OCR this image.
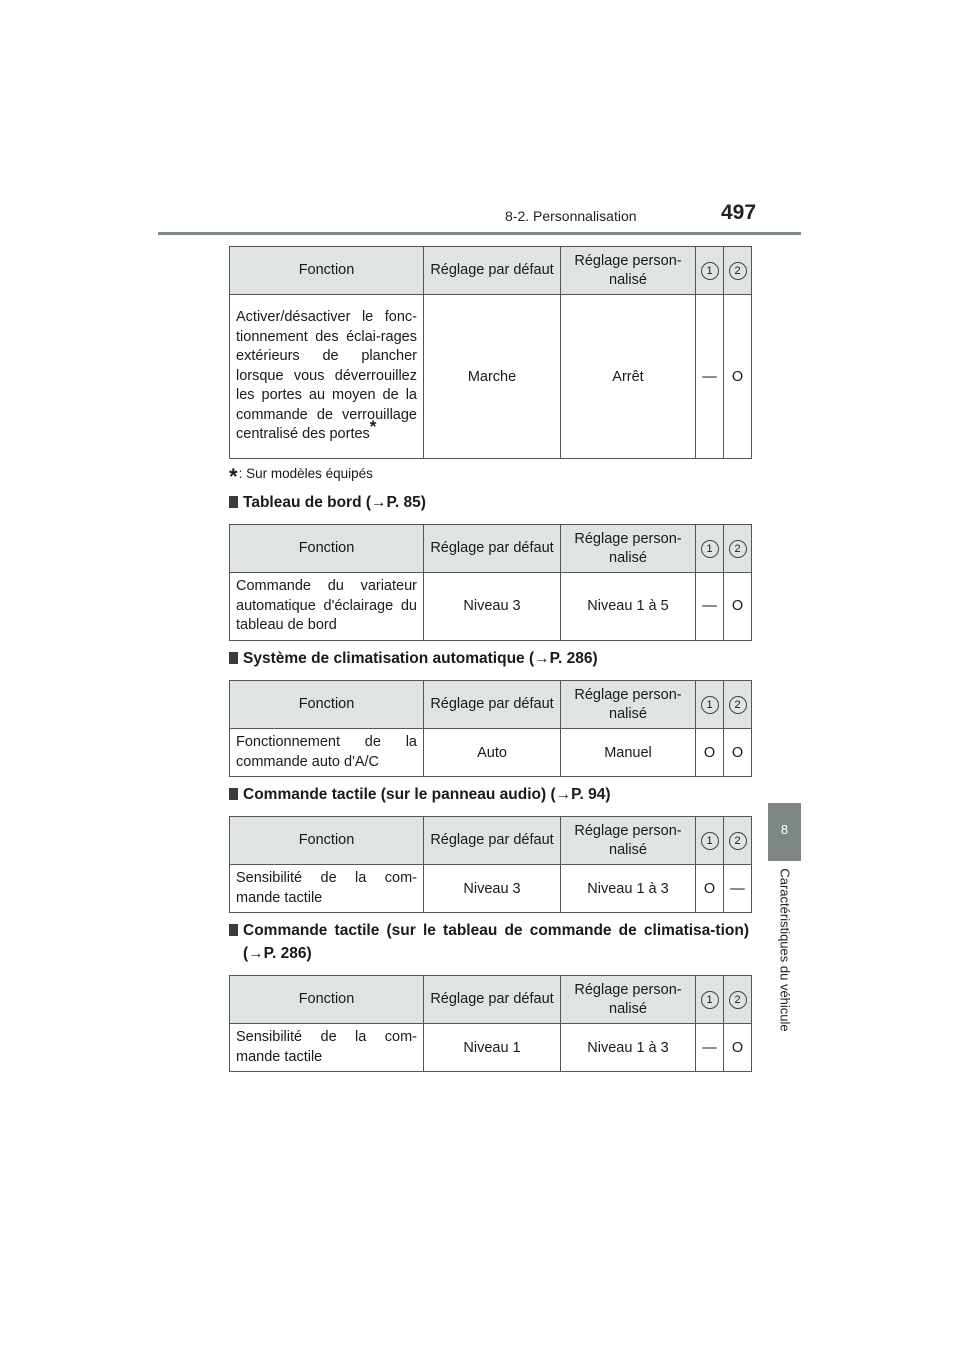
8-2. Personnalisation	497
8
Caractéristiques du véhicule
Fonction	Réglage par défaut	Réglage person-nalisé	1	2
Activer/désactiver le fonc-tionnement des éclai-rages extérieurs de plancher lorsque vous déverrouillez les portes au moyen de la commande de verrouillage centralisé des portes*	Marche	Arrêt	—	O
*: Sur modèles équipés
Tableau de bord (→P. 85)
Fonction	Réglage par défaut	Réglage person-nalisé	1	2
Commande du variateur automatique d'éclairage du tableau de bord	Niveau 3	Niveau 1 à 5	—	O
Système de climatisation automatique (→P. 286)
Fonction	Réglage par défaut	Réglage person-nalisé	1	2
Fonctionnement de la commande auto d'A/C	Auto	Manuel	O	O
Commande tactile (sur le panneau audio) (→P. 94)
Fonction	Réglage par défaut	Réglage person-nalisé	1	2
Sensibilité de la com-mande tactile	Niveau 3	Niveau 1 à 3	O	—
Commande tactile (sur le tableau de commande de climatisa-tion) (→P. 286)
Fonction	Réglage par défaut	Réglage person-nalisé	1	2
Sensibilité de la com-mande tactile	Niveau 1	Niveau 1 à 3	—	O
